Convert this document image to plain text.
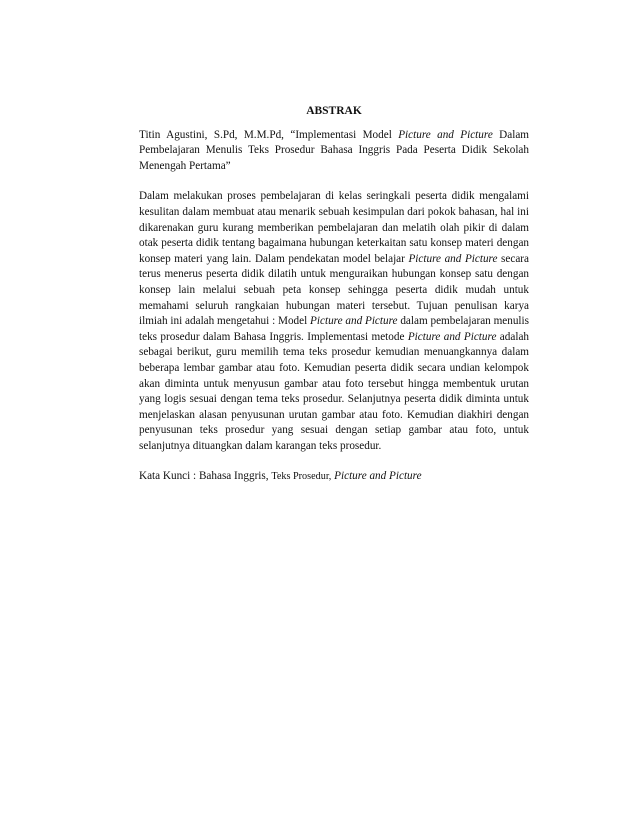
ABSTRAK

Titin Agustini, S.Pd, M.M.Pd, “Implementasi Model Picture and Picture Dalam Pembelajaran Menulis Teks Prosedur Bahasa Inggris Pada Peserta Didik Sekolah Menengah Pertama”

Dalam melakukan proses pembelajaran di kelas seringkali peserta didik mengalami kesulitan dalam membuat atau menarik sebuah kesimpulan dari pokok bahasan, hal ini dikarenakan guru kurang memberikan pembelajaran dan melatih olah pikir di dalam otak peserta didik tentang bagaimana hubungan keterkaitan satu konsep materi dengan konsep materi yang lain. Dalam pendekatan model belajar Picture and Picture secara terus menerus peserta didik dilatih untuk menguraikan hubungan konsep satu dengan konsep lain melalui sebuah peta konsep sehingga peserta didik mudah untuk memahami seluruh rangkaian hubungan materi tersebut. Tujuan penulisan karya ilmiah ini adalah mengetahui : Model Picture and Picture dalam pembelajaran menulis teks prosedur dalam Bahasa Inggris. Implementasi metode Picture and Picture adalah sebagai berikut, guru memilih tema teks prosedur kemudian menuangkannya dalam beberapa lembar gambar atau foto. Kemudian peserta didik secara undian kelompok akan diminta untuk menyusun gambar atau foto tersebut hingga membentuk urutan yang logis sesuai dengan tema teks prosedur. Selanjutnya peserta didik diminta untuk menjelaskan alasan penyusunan urutan gambar atau foto. Kemudian diakhiri dengan penyusunan teks prosedur yang sesuai dengan setiap gambar atau foto, untuk selanjutnya dituangkan dalam karangan teks prosedur.

Kata Kunci : Bahasa Inggris, Teks Prosedur, Picture and Picture
